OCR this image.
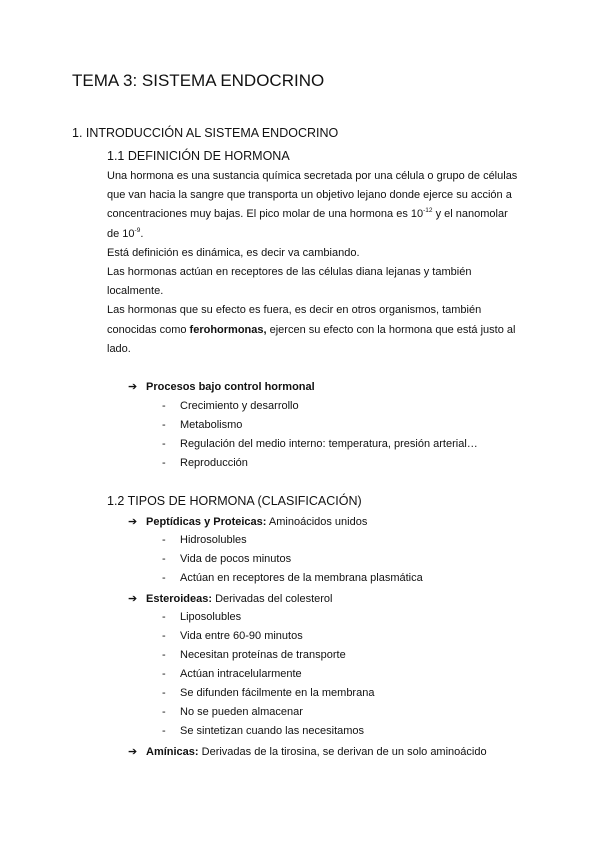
TEMA 3: SISTEMA ENDOCRINO
1. INTRODUCCIÓN AL SISTEMA ENDOCRINO
1.1 DEFINICIÓN DE HORMONA
Una hormona es una sustancia química secretada por una célula o grupo de células
que van hacia la sangre que transporta un objetivo lejano donde ejerce su acción a
concentraciones muy bajas. El pico molar de una hormona es $10^{-12}$ y el nanomolar
de $10^{-9}$.
Está definición es dinámica, es decir va cambiando.
Las hormonas actúan en receptores de las células diana lejanas y también
localmente.
Las hormonas que su efecto es fuera, es decir en otros organismos, también
conocidas como ferohormonas, ejercen su efecto con la hormona que está justo al
lado.
➔ Procesos bajo control hormonal
- Crecimiento y desarrollo
- Metabolismo
- Regulación del medio interno: temperatura, presión arterial…
- Reproducción
1.2 TIPOS DE HORMONA (CLASIFICACIÓN)
➔ Peptídicas y Proteicas: Aminoácidos unidos
- Hidrosolubles
- Vida de pocos minutos
- Actúan en receptores de la membrana plasmática
➔ Esteroideas: Derivadas del colesterol
- Liposolubles
- Vida entre 60-90 minutos
- Necesitan proteínas de transporte
- Actúan intracelularmente
- Se difunden fácilmente en la membrana
- No se pueden almacenar
- Se sintetizan cuando las necesitamos
➔ Amínicas: Derivadas de la tirosina, se derivan de un solo aminoácido
